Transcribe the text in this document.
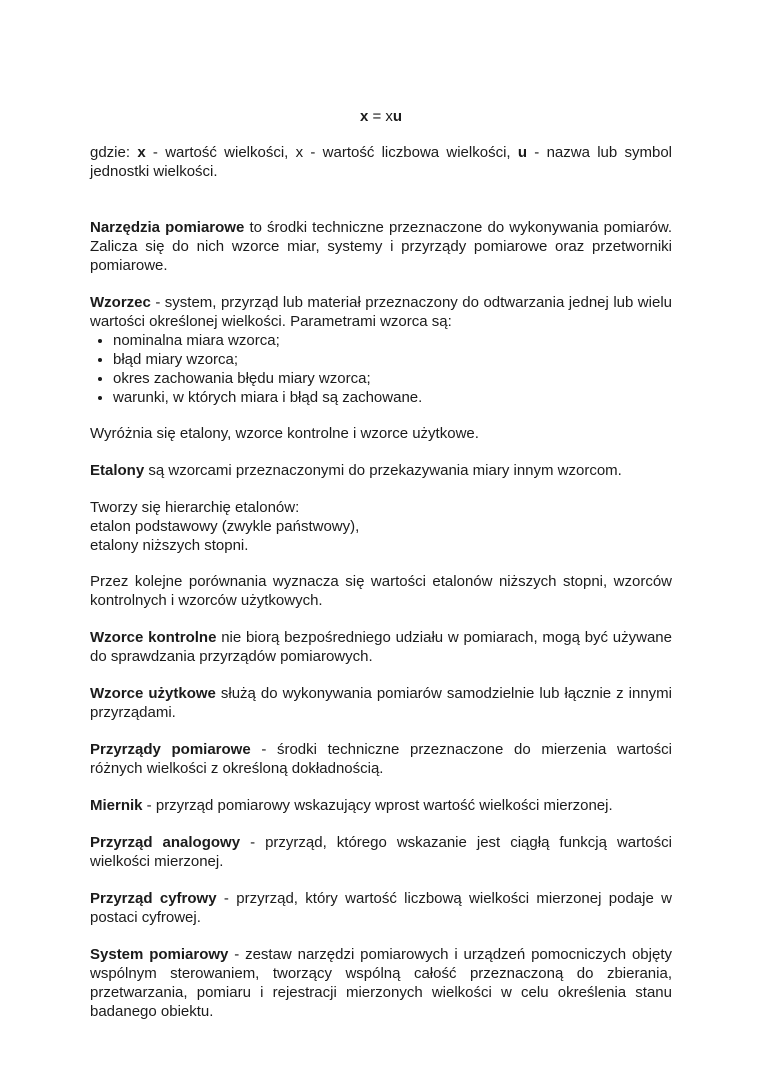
x = xu

gdzie: x - wartość wielkości, x - wartość liczbowa wielkości, u - nazwa lub symbol jednostki wielkości.

Narzędzia pomiarowe to środki techniczne przeznaczone do wykonywania pomiarów. Zalicza się do nich wzorce miar, systemy i przyrządy pomiarowe oraz przetworniki pomiarowe.

Wzorzec - system, przyrząd lub materiał przeznaczony do odtwarzania jednej lub wielu wartości określonej wielkości. Parametrami wzorca są:

• nominalna miara wzorca;
• błąd miary wzorca;
• okres zachowania błędu miary wzorca;
• warunki, w których miara i błąd są zachowane.

Wyróżnia się etalony, wzorce kontrolne i wzorce użytkowe.

Etalony są wzorcami przeznaczonymi do przekazywania miary innym wzorcom.

Tworzy się hierarchię etalonów:
etalon podstawowy (zwykle państwowy),
etalony niższych stopni.

Przez kolejne porównania wyznacza się wartości etalonów niższych stopni, wzorców kontrolnych i wzorców użytkowych.

Wzorce kontrolne nie biorą bezpośredniego udziału w pomiarach, mogą być używane do sprawdzania przyrządów pomiarowych.

Wzorce użytkowe służą do wykonywania pomiarów samodzielnie lub łącznie z innymi przyrządami.

Przyrządy pomiarowe - środki techniczne przeznaczone do mierzenia wartości różnych wielkości z określoną dokładnością.

Miernik - przyrząd pomiarowy wskazujący wprost wartość wielkości mierzonej.

Przyrząd analogowy - przyrząd, którego wskazanie jest ciągłą funkcją wartości wielkości mierzonej.

Przyrząd cyfrowy - przyrząd, który wartość liczbową wielkości mierzonej podaje w postaci cyfrowej.

System pomiarowy - zestaw narzędzi pomiarowych i urządzeń pomocniczych objęty wspólnym sterowaniem, tworzący wspólną całość przeznaczoną do zbierania, przetwarzania, pomiaru i rejestracji mierzonych wielkości w celu określenia stanu badanego obiektu.
